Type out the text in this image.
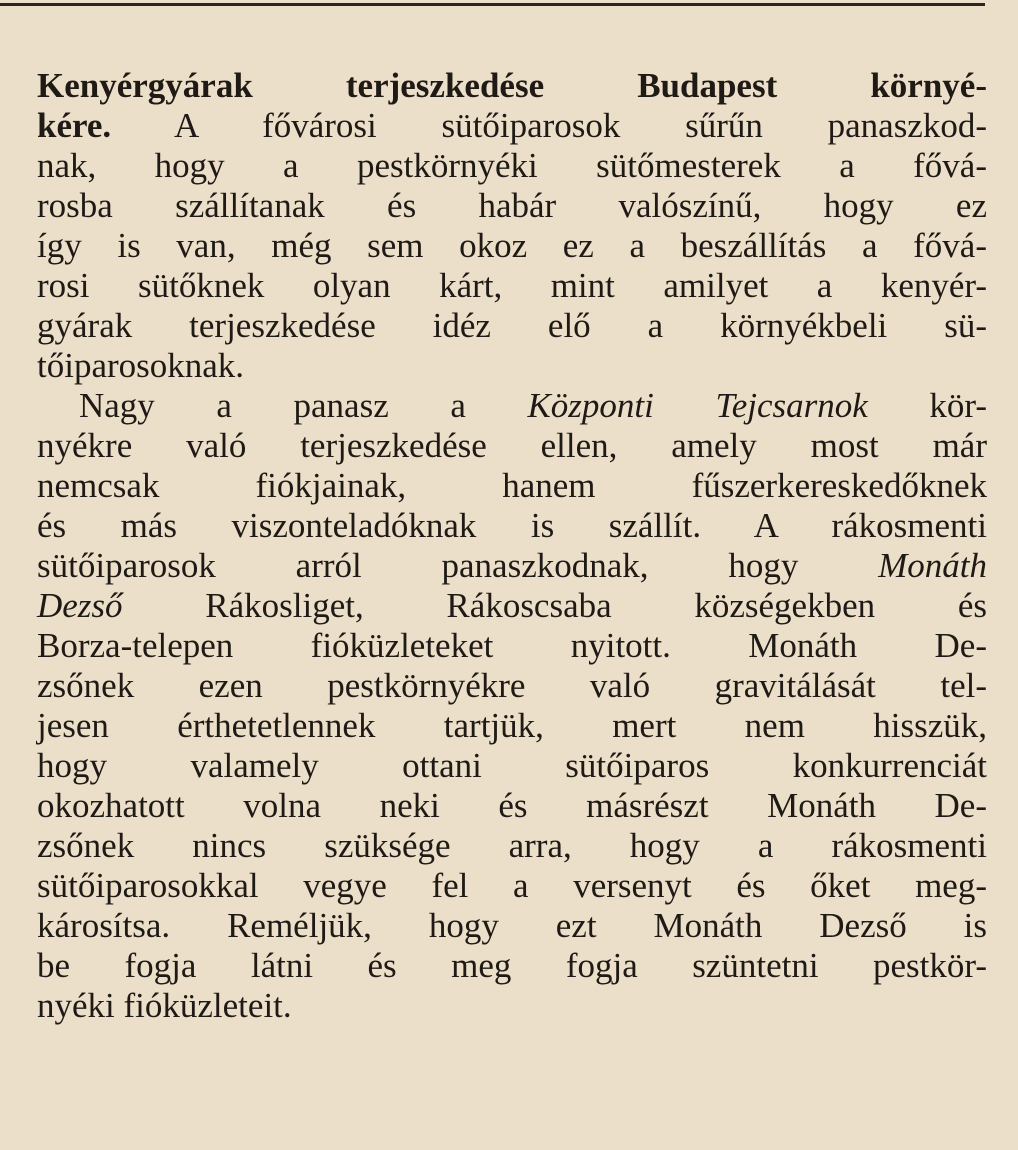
Kenyérgyárak terjeszkedése Budapest környé-
kére. A fővárosi sütőiparosok sűrűn panaszkod-
nak, hogy a pestkörnyéki sütőmesterek a fővá-
rosba szállítanak és habár valószínű, hogy ez
így is van, még sem okoz ez a beszállítás a fővá-
rosi sütőknek olyan kárt, mint amilyet a kenyér-
gyárak terjeszkedése idéz elő a környékbeli sü-
tőiparosoknak.
Nagy a panasz a Központi Tejcsarnok kör-
nyékre való terjeszkedése ellen, amely most már
nemcsak fiókjainak, hanem fűszerkereskedőknek
és más viszonteladóknak is szállít. A rákosmenti
sütőiparosok arról panaszkodnak, hogy Monáth
Dezső Rákosliget, Rákoscsaba községekben és
Borza-telepen fióküzleteket nyitott. Monáth De-
zsőnek ezen pestkörnyékre való gravitálását tel-
jesen érthetetlennek tartjük, mert nem hisszük,
hogy valamely ottani sütőiparos konkurrenciát
okozhatott volna neki és másrészt Monáth De-
zsőnek nincs szüksége arra, hogy a rákosmenti
sütőiparosokkal vegye fel a versenyt és őket meg-
károsítsa. Reméljük, hogy ezt Monáth Dezső is
be fogja látni és meg fogja szüntetni pestkör-
nyéki fióküzleteit.
